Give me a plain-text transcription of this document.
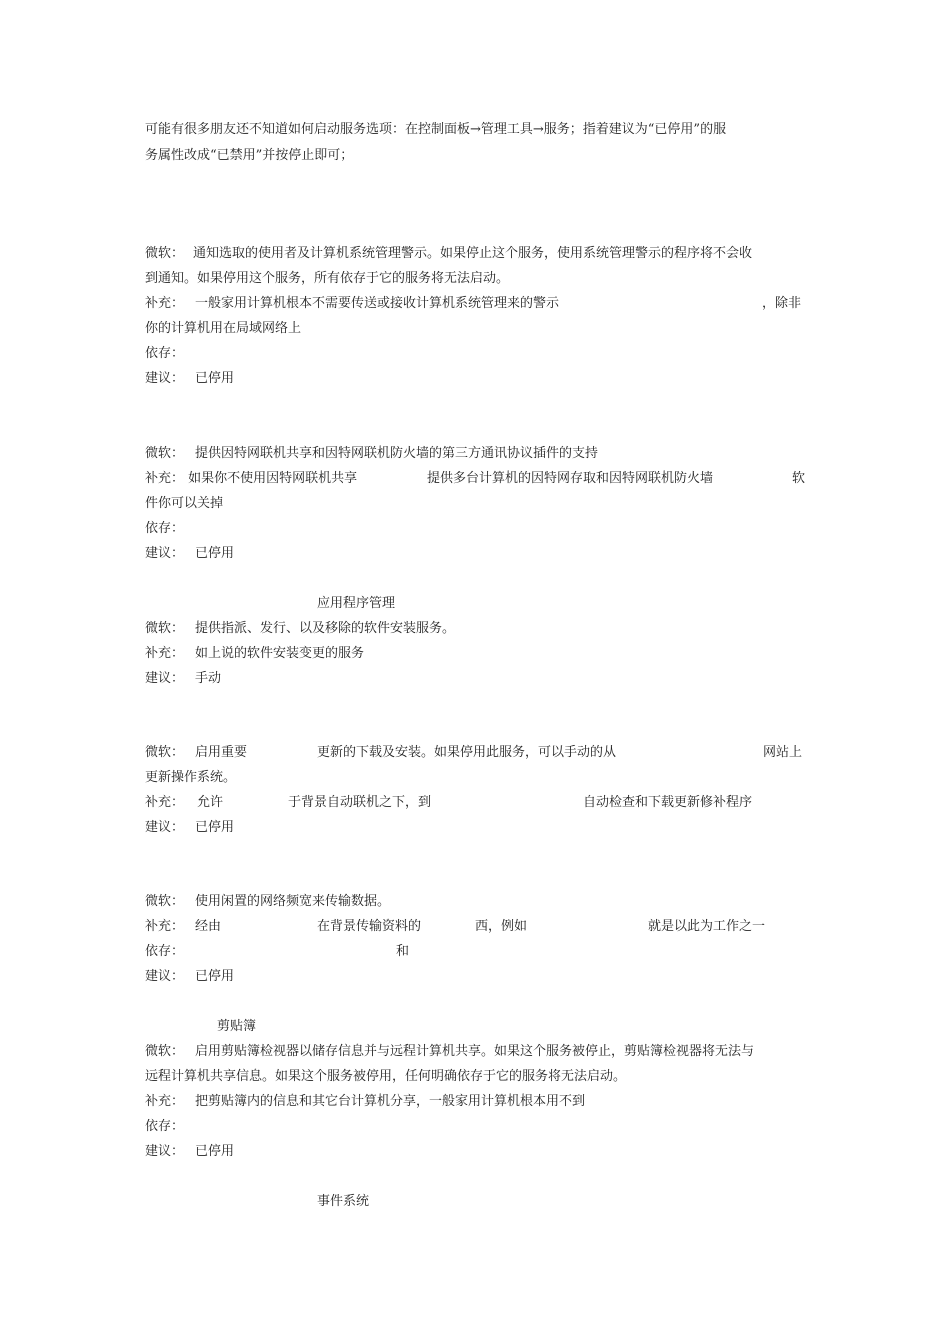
可能有很多朋友还不知道如何启动服务选项：在控制面板→管理工具→服务；指着建议为“已停用”的服
务属性改成“已禁用”并按停止即可；
微软： 通知选取的使用者及计算机系统管理警示。如果停止这个服务，使用系统管理警示的程序将不会收
到通知。如果停用这个服务，所有依存于它的服务将无法启动。
补充： 一般家用计算机根本不需要传送或接收计算机系统管理来的警示	，除非
你的计算机用在局域网络上
依存：
建议： 已停用
微软： 提供因特网联机共享和因特网联机防火墙的第三方通讯协议插件的支持
补充： 如果你不使用因特网联机共享	提供多台计算机的因特网存取和因特网联机防火墙	软
件你可以关掉
依存：
建议： 已停用
应用程序管理
微软： 提供指派、发行、以及移除的软件安装服务。
补充： 如上说的软件安装变更的服务
建议： 手动
微软： 启用重要	更新的下载及安装。如果停用此服务，可以手动的从	网站上
更新操作系统。
补充： 允许	于背景自动联机之下，到	自动检查和下载更新修补程序
建议： 已停用
微软： 使用闲置的网络频宽来传输数据。
补充： 经由	在背景传输资料的	西，例如	就是以此为工作之一
依存：	和
建议： 已停用
剪贴簿
微软： 启用剪贴簿检视器以储存信息并与远程计算机共享。如果这个服务被停止，剪贴簿检视器将无法与
远程计算机共享信息。如果这个服务被停用，任何明确依存于它的服务将无法启动。
补充： 把剪贴簿内的信息和其它台计算机分享，一般家用计算机根本用不到
依存：
建议： 已停用
事件系统
